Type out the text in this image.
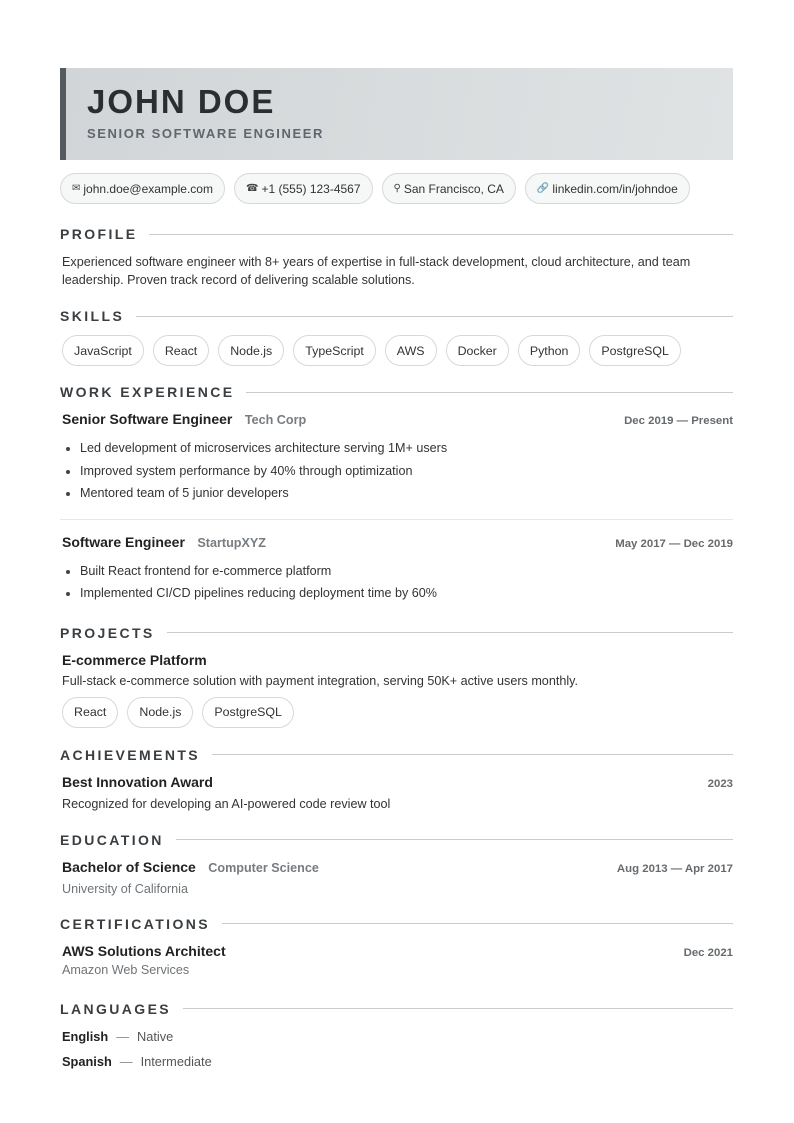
JOHN DOE
SENIOR SOFTWARE ENGINEER
✉ john.doe@example.com	☎ +1 (555) 123-4567	⚲ San Francisco, CA	🔗 linkedin.com/in/johndoe
PROFILE

Experienced software engineer with 8+ years of expertise in full-stack development, cloud architecture, and team leadership. Proven track record of delivering scalable solutions.

SKILLS
JavaScript	React	Node.js	TypeScript	AWS	Docker	Python	PostgreSQL
WORK EXPERIENCE
Senior Software Engineer Tech Corp	Dec 2019 — Present
Led development of microservices architecture serving 1M+ users
Improved system performance by 40% through optimization
Mentored team of 5 junior developers
Software Engineer StartupXYZ	May 2017 — Dec 2019
Built React frontend for e-commerce platform
Implemented CI/CD pipelines reducing deployment time by 60%
PROJECTS
E-commerce Platform

Full-stack e-commerce solution with payment integration, serving 50K+ active users monthly.

React	Node.js	PostgreSQL
ACHIEVEMENTS
Best Innovation Award	2023

Recognized for developing an AI-powered code review tool

EDUCATION
Bachelor of Science Computer Science	Aug 2013 — Apr 2017
University of California
CERTIFICATIONS
AWS Solutions Architect	Dec 2021
Amazon Web Services
LANGUAGES
English — Native
Spanish — Intermediate
